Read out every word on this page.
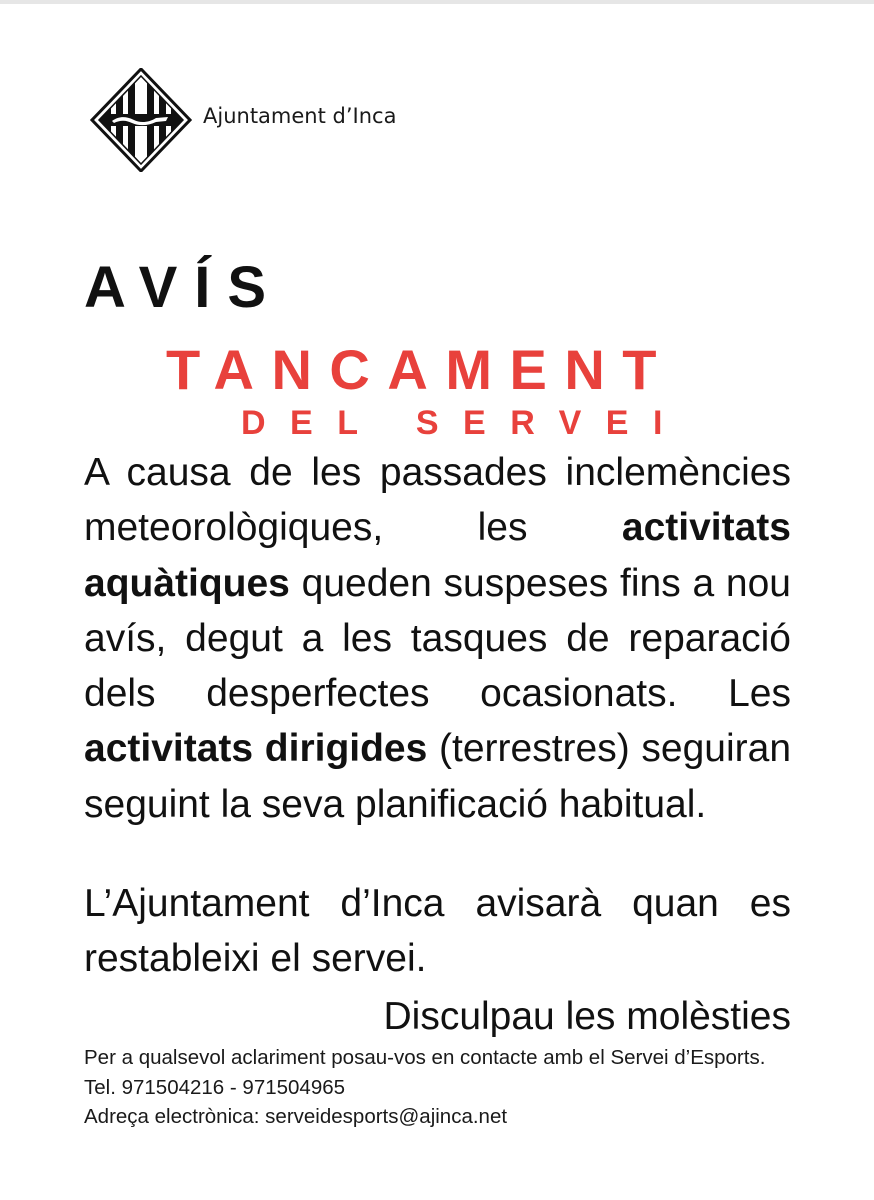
Ajuntament d’Inca
AVÍS
TANCAMENT
DEL SERVEI
A causa de les passades inclemències meteorològiques, les activitats aquàtiques queden suspeses fins a nou avís, degut a les tasques de reparació dels desperfectes ocasionats. Les activitats dirigides (terrestres) seguiran seguint la seva planificació habitual.
L’Ajuntament d’Inca avisarà quan es restableixi el servei.
Disculpau les molèsties
Per a qualsevol aclariment posau-vos en contacte amb el Servei d’Esports.
Tel. 971504216 - 971504965
Adreça electrònica: serveidesports@ajinca.net
